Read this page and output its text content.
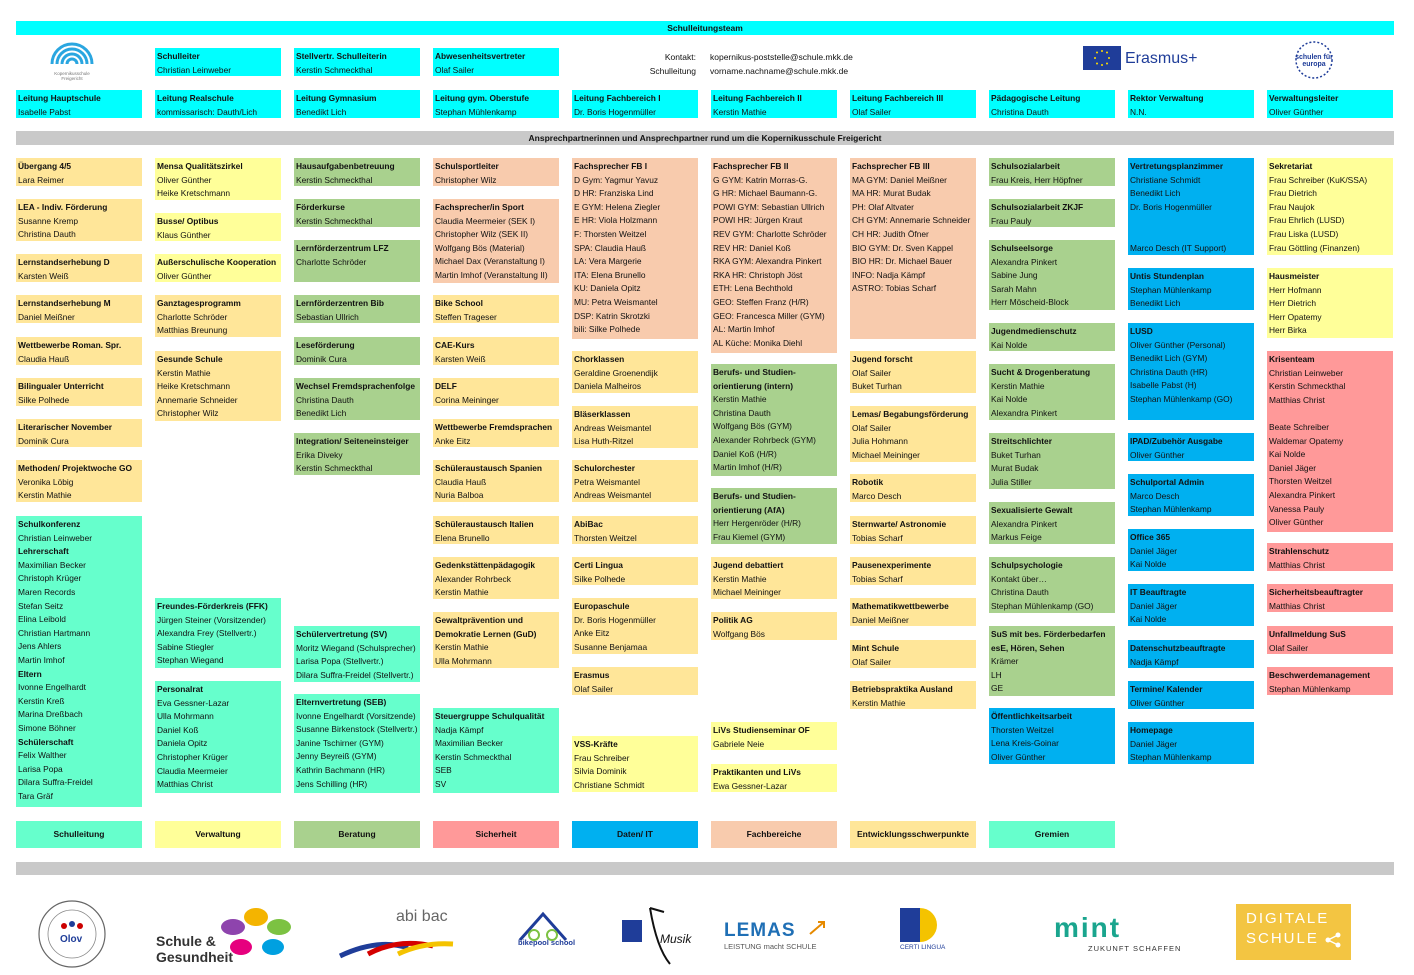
Schulleitungsteam
Kopernikusschule Freigericht
Schulleiter
Christian Leinweber
Stellvertr. Schulleiterin
Kerstin Schmeckthal
Abwesenheitsvertreter
Olaf Sailer
Kontakt: kopernikus-poststelle@schule.mkk.de
Schulleitung vorname.nachname@schule.mkk.de
Erasmus+	schulen für europa
Leitung Hauptschule
Isabelle Pabst
Leitung Realschule
kommissarisch: Dauth/Lich
Leitung Gymnasium
Benedikt Lich
Leitung gym. Oberstufe
Stephan Mühlenkamp
Leitung Fachbereich I
Dr. Boris Hogenmüller
Leitung Fachbereich II
Kerstin Mathie
Leitung Fachbereich III
Olaf Sailer
Pädagogische Leitung
Christina Dauth
Rektor Verwaltung
N.N.
Verwaltungsleiter
Oliver Günther
Ansprechpartnerinnen und Ansprechpartner rund um die Kopernikusschule Freigericht
Übergang 4/5
Lara Reimer
LEA - Indiv. Förderung
Susanne Kremp
Christina Dauth
Lernstandserhebung D
Karsten Weiß
Lernstandserhebung M
Daniel Meißner
Wettbewerbe Roman. Spr.
Claudia Hauß
Bilingualer Unterricht
Silke Polhede
Literarischer November
Dominik Cura
Methoden/ Projektwoche GO
Veronika Löbig
Kerstin Mathie
Schulkonferenz
Christian Leinweber
Lehrerschaft
Maximilian Becker
Christoph Krüger
Maren Records
Stefan Seitz
Elina Leibold
Christian Hartmann
Jens Ahlers
Martin Imhof
Eltern
Ivonne Engelhardt
Kerstin Kreß
Marina Dreßbach
Simone Böhner
Schülerschaft
Felix Walther
Larisa Popa
Dilara Suffra-Freidel
Tara Gräf
Mensa Qualitätszirkel
Oliver Günther
Heike Kretschmann
Busse/ Optibus
Klaus Günther
Außerschulische Kooperation
Oliver Günther
Ganztagesprogramm
Charlotte Schröder
Matthias Breunung
Gesunde Schule
Kerstin Mathie
Heike Kretschmann
Annemarie Schneider
Christopher Wilz
Freundes-Förderkreis (FFK)
Jürgen Steiner (Vorsitzender)
Alexandra Frey (Stellvertr.)
Sabine Stiegler
Stephan Wiegand
Personalrat
Eva Gessner-Lazar
Ulla Mohrmann
Daniel Koß
Daniela Opitz
Christopher Krüger
Claudia Meermeier
Matthias Christ
Hausaufgabenbetreuung
Kerstin Schmeckthal
Förderkurse
Kerstin Schmeckthal
Lernförderzentrum LFZ
Charlotte Schröder
Lernförderzentren Bib
Sebastian Ullrich
Leseförderung
Dominik Cura
Wechsel Fremdsprachenfolge
Christina Dauth
Benedikt Lich
Integration/ Seiteneinsteiger
Erika Diveky
Kerstin Schmeckthal
Schülervertretung (SV)
Moritz Wiegand (Schulsprecher)
Larisa Popa (Stellvertr.)
Dilara Suffra-Freidel (Stellvertr.)
Elternvertretung (SEB)
Ivonne Engelhardt (Vorsitzende)
Susanne Birkenstock (Stellvertr.)
Janine Tschirner (GYM)
Jenny Beyreiß (GYM)
Kathrin Bachmann (HR)
Jens Schilling (HR)
Schulsportleiter
Christopher Wilz
Fachsprecher/in Sport
Claudia Meermeier (SEK I)
Christopher Wilz (SEK II)
Wolfgang Bös (Material)
Michael Dax (Veranstaltung I)
Martin Imhof (Veranstaltung II)
Bike School
Steffen Trageser
CAE-Kurs
Karsten Weiß
DELF
Corina Meininger
Wettbewerbe Fremdsprachen
Anke Eitz
Schüleraustausch Spanien
Claudia Hauß
Nuria Balboa
Schüleraustausch Italien
Elena Brunello
Gedenkstättenpädagogik
Alexander Rohrbeck
Kerstin Mathie
Gewaltprävention und
Demokratie Lernen (GuD)
Kerstin Mathie
Ulla Mohrmann
Steuergruppe Schulqualität
Nadja Kämpf
Maximilian Becker
Kerstin Schmeckthal
SEB
SV
Fachsprecher FB I
D Gym: Yagmur Yavuz
D HR: Franziska Lind
E GYM: Helena Ziegler
E HR: Viola Holzmann
F: Thorsten Weitzel
SPA: Claudia Hauß
LA: Vera Margerie
ITA: Elena Brunello
KU: Daniela Opitz
MU: Petra Weismantel
DSP: Katrin Skrotzki
bili: Silke Polhede
Chorklassen
Geraldine Groenendijk
Daniela Malheiros
Bläserklassen
Andreas Weismantel
Lisa Huth-Ritzel
Schulorchester
Petra Weismantel
Andreas Weismantel
AbiBac
Thorsten Weitzel
Certi Lingua
Silke Polhede
Europaschule
Dr. Boris Hogenmüller
Anke Eitz
Susanne Benjamaa
Erasmus
Olaf Sailer
VSS-Kräfte
Frau Schreiber
Silvia Dominik
Christiane Schmidt
Fachsprecher FB II
G GYM: Katrin Morras-G.
G HR: Michael Baumann-G.
POWI GYM: Sebastian Ullrich
POWI HR: Jürgen Kraut
REV GYM: Charlotte Schröder
REV HR: Daniel Koß
RKA GYM: Alexandra Pinkert
RKA HR: Christoph Jöst
ETH: Lena Bechthold
GEO: Steffen Franz (H/R)
GEO: Francesca Miller (GYM)
AL: Martin Imhof
AL Küche: Monika Diehl
Berufs- und Studien-
orientierung (intern)
Kerstin Mathie
Christina Dauth
Wolfgang Bös (GYM)
Alexander Rohrbeck (GYM)
Daniel Koß (H/R)
Martin Imhof (H/R)
Berufs- und Studien-
orientierung (AfA)
Herr Hergenröder (H/R)
Frau Kiemel (GYM)
Jugend debattiert
Kerstin Mathie
Michael Meininger
Politik AG
Wolfgang Bös
LiVs Studienseminar OF
Gabriele Neie
Praktikanten und LiVs
Ewa Gessner-Lazar
Fachsprecher FB III
MA GYM: Daniel Meißner
MA HR: Murat Budak
PH: Olaf Altvater
CH GYM: Annemarie Schneider
CH HR: Judith Öfner
BIO GYM: Dr. Sven Kappel
BIO HR: Dr. Michael Bauer
INFO: Nadja Kämpf
ASTRO: Tobias Scharf
Jugend forscht
Olaf Sailer
Buket Turhan
Lemas/ Begabungsförderung
Olaf Sailer
Julia Hohmann
Michael Meininger
Robotik
Marco Desch
Sternwarte/ Astronomie
Tobias Scharf
Pausenexperimente
Tobias Scharf
Mathematikwettbewerbe
Daniel Meißner
Mint Schule
Olaf Sailer
Betriebspraktika Ausland
Kerstin Mathie
Schulsozialarbeit
Frau Kreis, Herr Höpfner
Schulsozialarbeit ZKJF
Frau Pauly
Schulseelsorge
Alexandra Pinkert
Sabine Jung
Sarah Mahn
Herr Möscheid-Block
Jugendmedienschutz
Kai Nolde
Sucht & Drogenberatung
Kerstin Mathie
Kai Nolde
Alexandra Pinkert
Streitschlichter
Buket Turhan
Murat Budak
Julia Stiller
Sexualisierte Gewalt
Alexandra Pinkert
Markus Feige
Schulpsychologie
Kontakt über…
Christina Dauth
Stephan Mühlenkamp (GO)
SuS mit bes. Förderbedarfen
esE, Hören, Sehen
Krämer
LH
GE
Öffentlichkeitsarbeit
Thorsten Weitzel
Lena Kreis-Goinar
Oliver Günther
Vertretungsplanzimmer
Christiane Schmidt
Benedikt Lich
Dr. Boris Hogenmüller

Marco Desch (IT Support)
Untis Stundenplan
Stephan Mühlenkamp
Benedikt Lich
LUSD
Oliver Günther (Personal)
Benedikt Lich (GYM)
Christina Dauth (HR)
Isabelle Pabst (H)
Stephan Mühlenkamp (GO)
IPAD/Zubehör Ausgabe
Oliver Günther
Schulportal Admin
Marco Desch
Stephan Mühlenkamp
Office 365
Daniel Jäger
Kai Nolde
IT Beauftragte
Daniel Jäger
Kai Nolde
Datenschutzbeauftragte
Nadja Kämpf
Termine/ Kalender
Oliver Günther
Homepage
Daniel Jäger
Stephan Mühlenkamp
Sekretariat
Frau Schreiber (KuK/SSA)
Frau Dietrich
Frau Naujok
Frau Ehrlich (LUSD)
Frau Liska (LUSD)
Frau Göttling (Finanzen)
Hausmeister
Herr Hofmann
Herr Dietrich
Herr Opatemy
Herr Birka
Krisenteam
Christian Leinweber
Kerstin Schmeckthal
Matthias Christ

Beate Schreiber
Waldemar Opatemy
Kai Nolde
Daniel Jäger
Thorsten Weitzel
Alexandra Pinkert
Vanessa Pauly
Oliver Günther
Strahlenschutz
Matthias Christ
Sicherheitsbeauftragter
Matthias Christ
Unfallmeldung SuS
Olaf Sailer
Beschwerdemanagement
Stephan Mühlenkamp
Schulleitung	Verwaltung	Beratung	Sicherheit	Daten/ IT	Fachbereiche	Entwicklungsschwerpunkte	Gremien
Olov	Schule &
Gesundheit
abi bac
bikepool school	Musik LEMAS
LEISTUNG macht SCHULE	CERTI LINGUA
mint
ZUKUNFT SCHAFFEN
DIGITALE
SCHULE
